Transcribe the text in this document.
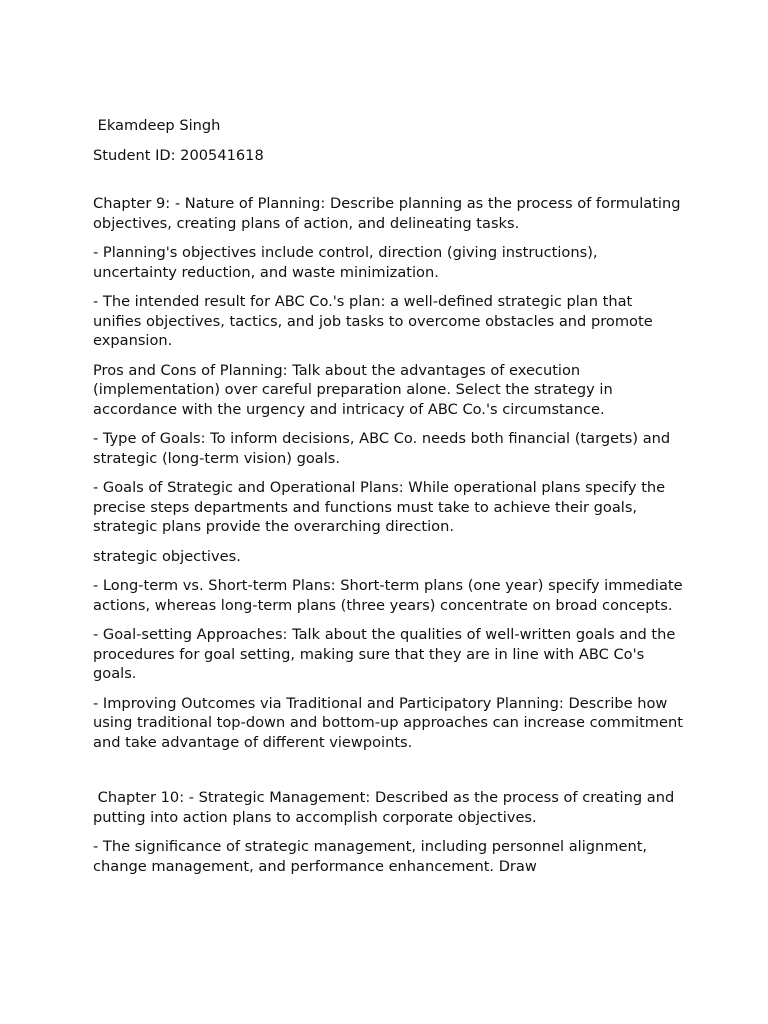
Ekamdeep Singh

Student ID: 200541618

Chapter 9: - Nature of Planning: Describe planning as the process of formulating objectives, creating plans of action, and delineating tasks.

- Planning's objectives include control, direction (giving instructions), uncertainty reduction, and waste minimization.

- The intended result for ABC Co.'s plan: a well-defined strategic plan that unifies objectives, tactics, and job tasks to overcome obstacles and promote expansion.

Pros and Cons of Planning: Talk about the advantages of execution (implementation) over careful preparation alone. Select the strategy in accordance with the urgency and intricacy of ABC Co.'s circumstance.

- Type of Goals: To inform decisions, ABC Co. needs both financial (targets) and strategic (long-term vision) goals.

- Goals of Strategic and Operational Plans: While operational plans specify the precise steps departments and functions must take to achieve their goals, strategic plans provide the overarching direction.

strategic objectives.

- Long-term vs. Short-term Plans: Short-term plans (one year) specify immediate actions, whereas long-term plans (three years) concentrate on broad concepts.

- Goal-setting Approaches: Talk about the qualities of well-written goals and the procedures for goal setting, making sure that they are in line with ABC Co's goals.

- Improving Outcomes via Traditional and Participatory Planning: Describe how using traditional top-down and bottom-up approaches can increase commitment and take advantage of different viewpoints.

Chapter 10: - Strategic Management: Described as the process of creating and putting into action plans to accomplish corporate objectives.

- The significance of strategic management, including personnel alignment, change management, and performance enhancement. Draw
